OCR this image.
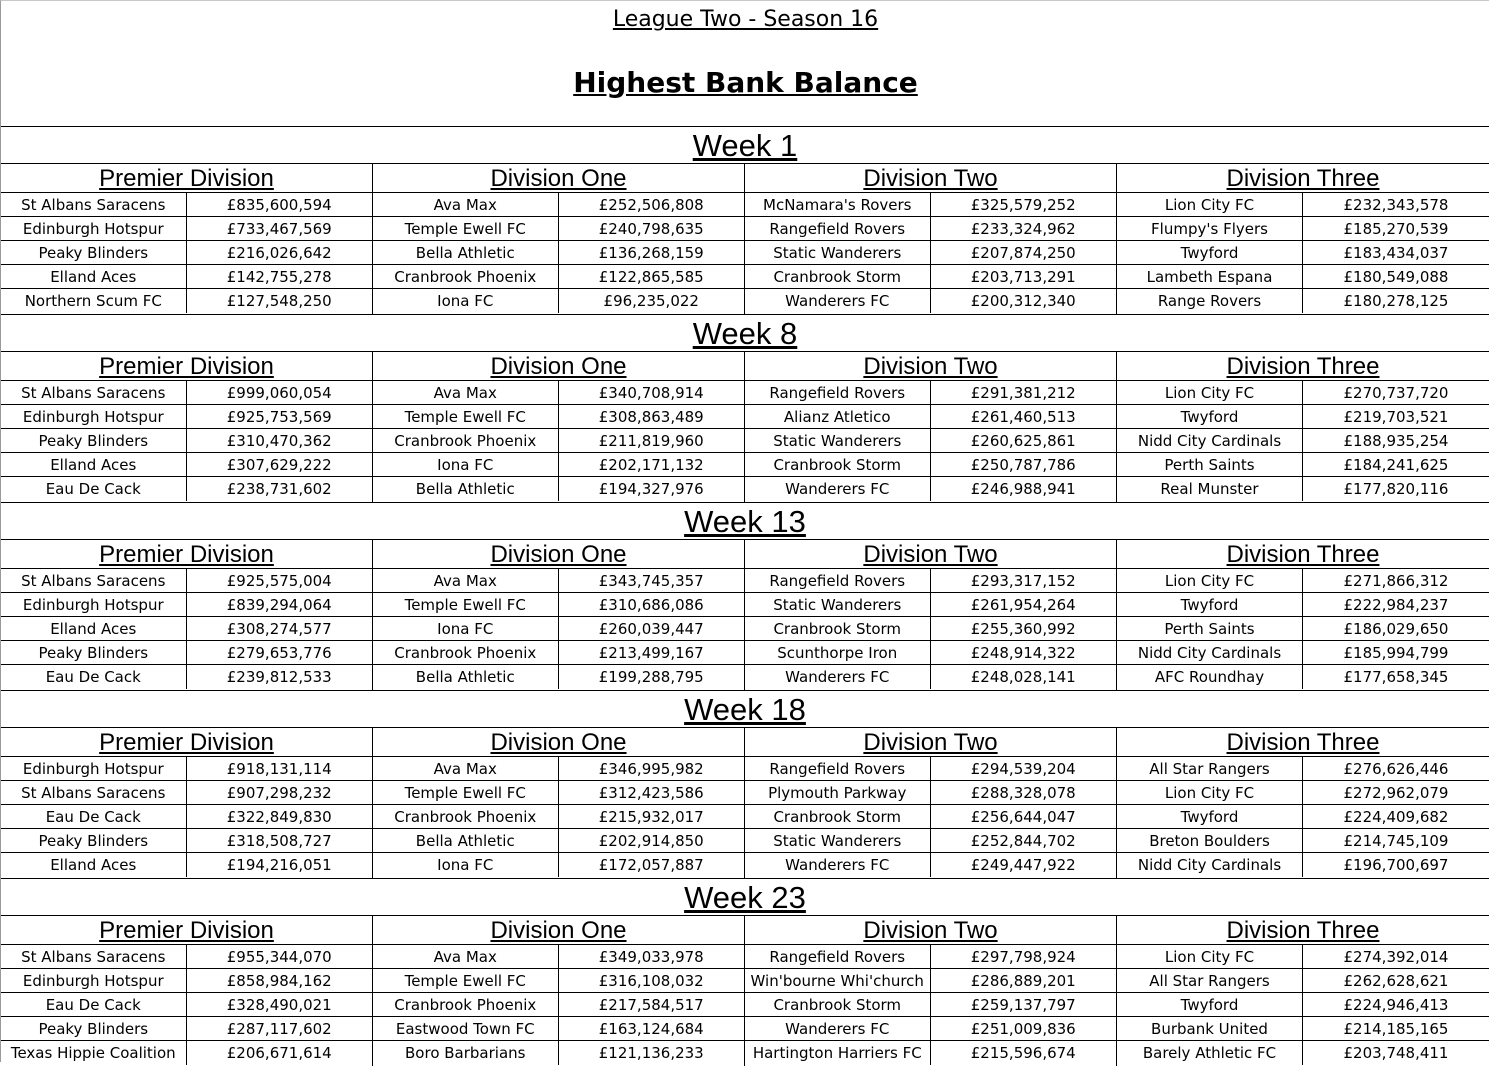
League Two - Season 16
Highest Bank Balance
Week 1
Premier Division
St Albans Saracens	£835,600,594
Edinburgh Hotspur	£733,467,569
Peaky Blinders	£216,026,642
Elland Aces	£142,755,278
Northern Scum FC	£127,548,250
Division One
Ava Max	£252,506,808
Temple Ewell FC	£240,798,635
Bella Athletic	£136,268,159
Cranbrook Phoenix	£122,865,585
Iona FC	£96,235,022
Division Two
McNamara's Rovers	£325,579,252
Rangefield Rovers	£233,324,962
Static Wanderers	£207,874,250
Cranbrook Storm	£203,713,291
Wanderers FC	£200,312,340
Division Three
Lion City FC	£232,343,578
Flumpy's Flyers	£185,270,539
Twyford	£183,434,037
Lambeth Espana	£180,549,088
Range Rovers	£180,278,125
Week 8
Premier Division
St Albans Saracens	£999,060,054
Edinburgh Hotspur	£925,753,569
Peaky Blinders	£310,470,362
Elland Aces	£307,629,222
Eau De Cack	£238,731,602
Division One
Ava Max	£340,708,914
Temple Ewell FC	£308,863,489
Cranbrook Phoenix	£211,819,960
Iona FC	£202,171,132
Bella Athletic	£194,327,976
Division Two
Rangefield Rovers	£291,381,212
Alianz Atletico	£261,460,513
Static Wanderers	£260,625,861
Cranbrook Storm	£250,787,786
Wanderers FC	£246,988,941
Division Three
Lion City FC	£270,737,720
Twyford	£219,703,521
Nidd City Cardinals	£188,935,254
Perth Saints	£184,241,625
Real Munster	£177,820,116
Week 13
Premier Division
St Albans Saracens	£925,575,004
Edinburgh Hotspur	£839,294,064
Elland Aces	£308,274,577
Peaky Blinders	£279,653,776
Eau De Cack	£239,812,533
Division One
Ava Max	£343,745,357
Temple Ewell FC	£310,686,086
Iona FC	£260,039,447
Cranbrook Phoenix	£213,499,167
Bella Athletic	£199,288,795
Division Two
Rangefield Rovers	£293,317,152
Static Wanderers	£261,954,264
Cranbrook Storm	£255,360,992
Scunthorpe Iron	£248,914,322
Wanderers FC	£248,028,141
Division Three
Lion City FC	£271,866,312
Twyford	£222,984,237
Perth Saints	£186,029,650
Nidd City Cardinals	£185,994,799
AFC Roundhay	£177,658,345
Week 18
Premier Division
Edinburgh Hotspur	£918,131,114
St Albans Saracens	£907,298,232
Eau De Cack	£322,849,830
Peaky Blinders	£318,508,727
Elland Aces	£194,216,051
Division One
Ava Max	£346,995,982
Temple Ewell FC	£312,423,586
Cranbrook Phoenix	£215,932,017
Bella Athletic	£202,914,850
Iona FC	£172,057,887
Division Two
Rangefield Rovers	£294,539,204
Plymouth Parkway	£288,328,078
Cranbrook Storm	£256,644,047
Static Wanderers	£252,844,702
Wanderers FC	£249,447,922
Division Three
All Star Rangers	£276,626,446
Lion City FC	£272,962,079
Twyford	£224,409,682
Breton Boulders	£214,745,109
Nidd City Cardinals	£196,700,697
Week 23
Premier Division
St Albans Saracens	£955,344,070
Edinburgh Hotspur	£858,984,162
Eau De Cack	£328,490,021
Peaky Blinders	£287,117,602
Texas Hippie Coalition	£206,671,614
Division One
Ava Max	£349,033,978
Temple Ewell FC	£316,108,032
Cranbrook Phoenix	£217,584,517
Eastwood Town FC	£163,124,684
Boro Barbarians	£121,136,233
Division Two
Rangefield Rovers	£297,798,924
Win'bourne Whi'church	£286,889,201
Cranbrook Storm	£259,137,797
Wanderers FC	£251,009,836
Hartington Harriers FC	£215,596,674
Division Three
Lion City FC	£274,392,014
All Star Rangers	£262,628,621
Twyford	£224,946,413
Burbank United	£214,185,165
Barely Athletic FC	£203,748,411
